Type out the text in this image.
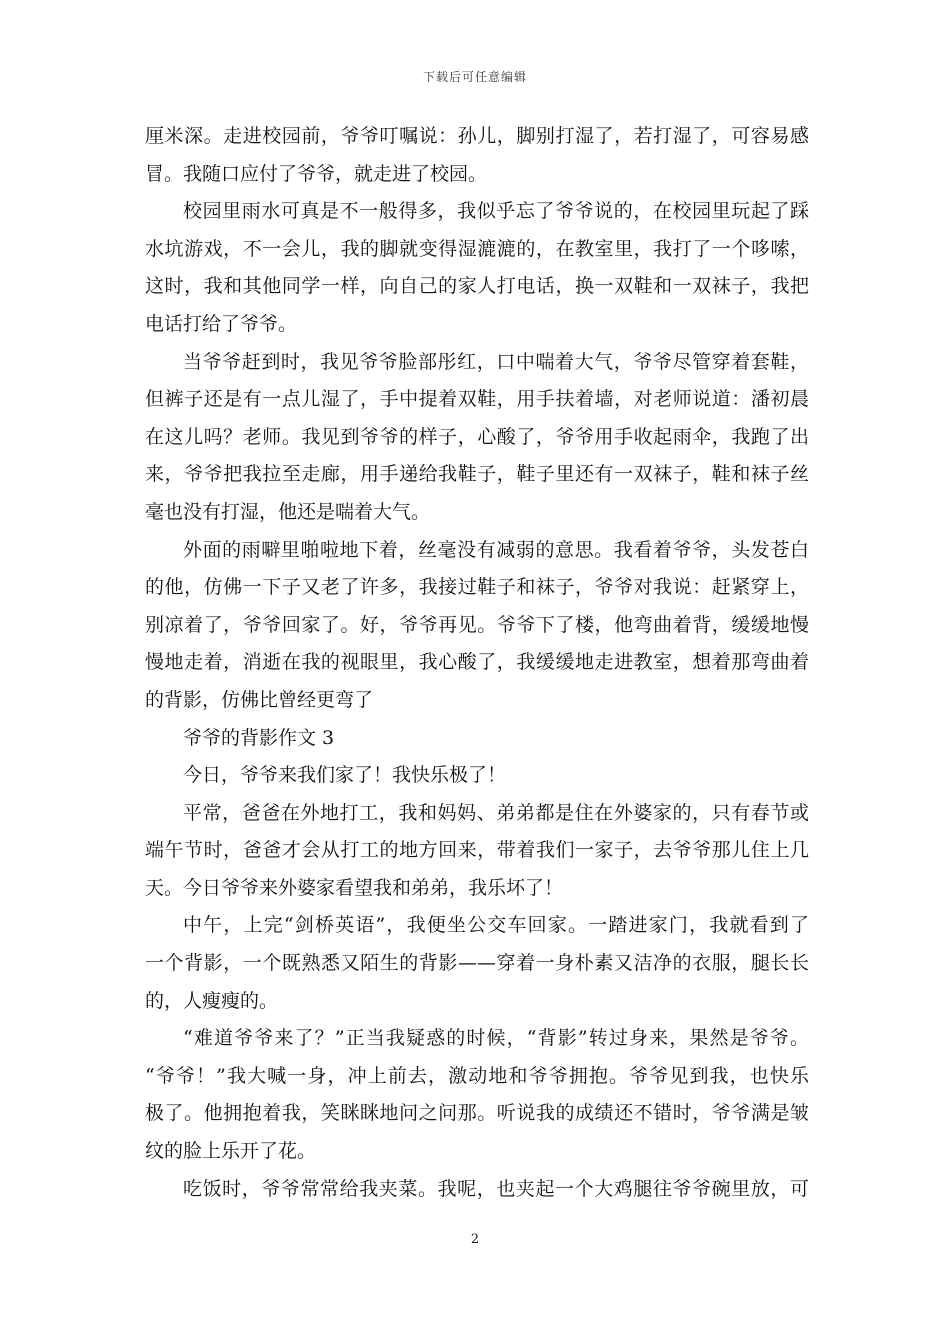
下载后可任意编辑
厘米深。走进校园前，爷爷叮嘱说：孙儿，脚别打湿了，若打湿了，可容易感
冒。我随口应付了爷爷，就走进了校园。
校园里雨水可真是不一般得多，我似乎忘了爷爷说的，在校园里玩起了踩
水坑游戏，不一会儿，我的脚就变得湿漉漉的，在教室里，我打了一个哆嗦，
这时，我和其他同学一样，向自己的家人打电话，换一双鞋和一双袜子，我把
电话打给了爷爷。
当爷爷赶到时，我见爷爷脸部彤红，口中喘着大气，爷爷尽管穿着套鞋，
但裤子还是有一点儿湿了，手中提着双鞋，用手扶着墙，对老师说道：潘初晨
在这儿吗？老师。我见到爷爷的样子，心酸了，爷爷用手收起雨伞，我跑了出
来，爷爷把我拉至走廊，用手递给我鞋子，鞋子里还有一双袜子，鞋和袜子丝
毫也没有打湿，他还是喘着大气。
外面的雨噼里啪啦地下着，丝毫没有减弱的意思。我看着爷爷，头发苍白
的他，仿佛一下子又老了许多，我接过鞋子和袜子，爷爷对我说：赶紧穿上，
别凉着了，爷爷回家了。好，爷爷再见。爷爷下了楼，他弯曲着背，缓缓地慢
慢地走着，消逝在我的视眼里，我心酸了，我缓缓地走进教室，想着那弯曲着
的背影，仿佛比曾经更弯了
爷爷的背影作文 3
今日，爷爷来我们家了！我快乐极了！
平常，爸爸在外地打工，我和妈妈、弟弟都是住在外婆家的，只有春节或
端午节时，爸爸才会从打工的地方回来，带着我们一家子，去爷爷那儿住上几
天。今日爷爷来外婆家看望我和弟弟，我乐坏了！
中午，上完“剑桥英语”，我便坐公交车回家。一踏进家门，我就看到了
一个背影，一个既熟悉又陌生的背影——穿着一身朴素又洁净的衣服，腿长长
的，人瘦瘦的。
“难道爷爷来了？”正当我疑惑的时候，“背影”转过身来，果然是爷爷。
“爷爷！”我大喊一身，冲上前去，激动地和爷爷拥抱。爷爷见到我，也快乐
极了。他拥抱着我，笑眯眯地问之问那。听说我的成绩还不错时，爷爷满是皱
纹的脸上乐开了花。
吃饭时，爷爷常常给我夹菜。我呢，也夹起一个大鸡腿往爷爷碗里放，可
2
